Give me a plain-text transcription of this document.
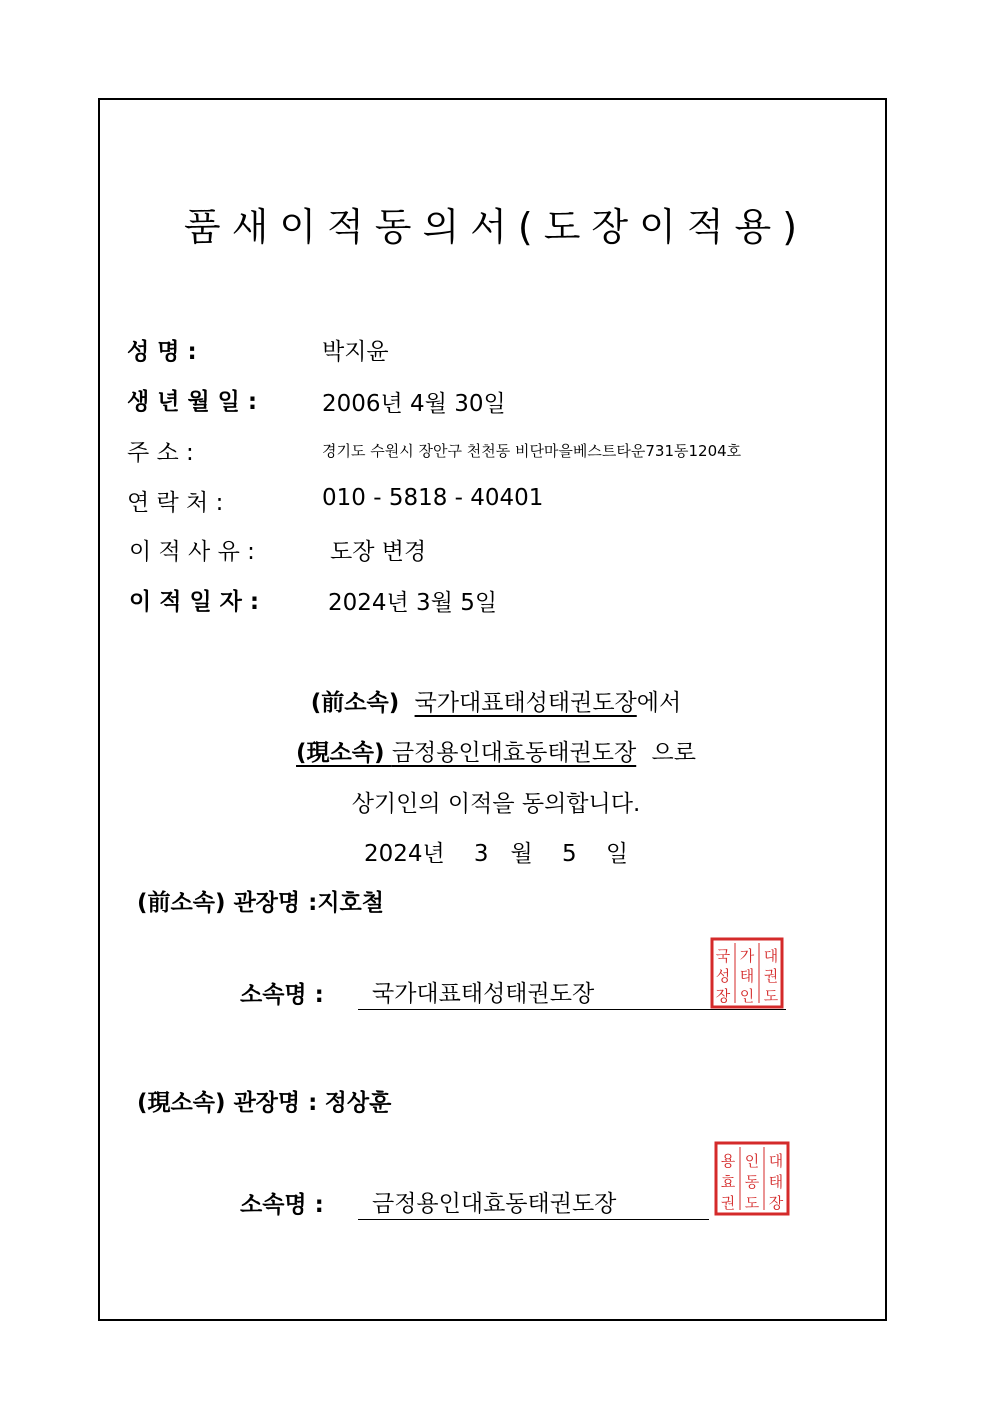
품새이적동의서(도장이적용)
성 명 :	박지윤
생 년 월 일 :	2006년 4월 30일
주 소 :	경기도 수원시 장안구 천천동 비단마을베스트타운731동1204호
연 락 처 :	010 - 5818 - 40401
이 적 사 유 :	도장 변경
이 적 일 자 :	2024년 3월 5일
(前소속) 국가대표태성태권도장에서
(現소속) 금정용인대효동태권도장 으로
상기인의 이적을 동의합니다.
2024년    3   월    5    일
(前소속) 관장명 :지호철
소속명 : 국가대표태성태권도장
국
성
장
가
태
인
대
권
도
(現소속) 관장명 : 정상훈
소속명 : 금정용인대효동태권도장
용
효
권
인
동
도
대
태
장
